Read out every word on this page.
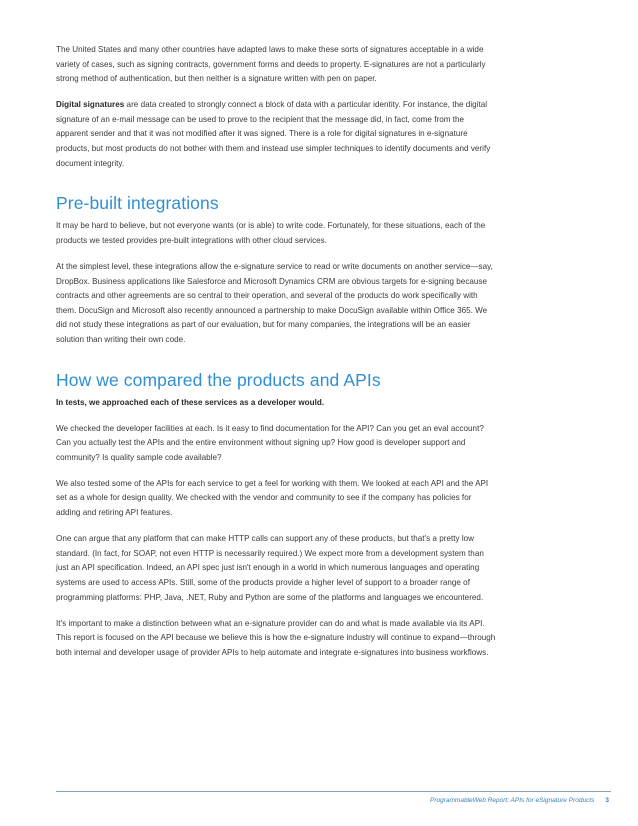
The United States and many other countries have adapted laws to make these sorts of signatures acceptable in a wide variety of cases, such as signing contracts, government forms and deeds to property. E-signatures are not a particularly strong method of authentication, but then neither is a signature written with pen on paper.

Digital signatures are data created to strongly connect a block of data with a particular identity. For instance, the digital signature of an e-mail message can be used to prove to the recipient that the message did, in fact, come from the apparent sender and that it was not modified after it was signed. There is a role for digital signatures in e-signature products, but most products do not bother with them and instead use simpler techniques to identify documents and verify document integrity.

Pre-built integrations

It may be hard to believe, but not everyone wants (or is able) to write code. Fortunately, for these situations, each of the products we tested provides pre-built integrations with other cloud services.

At the simplest level, these integrations allow the e-signature service to read or write documents on another service—say, DropBox. Business applications like Salesforce and Microsoft Dynamics CRM are obvious targets for e-signing because contracts and other agreements are so central to their operation, and several of the products do work specifically with them. DocuSign and Microsoft also recently announced a partnership to make DocuSign available within Office 365. We did not study these integrations as part of our evaluation, but for many companies, the integrations will be an easier solution than writing their own code.

How we compared the products and APIs

In tests, we approached each of these services as a developer would.

We checked the developer facilities at each. Is it easy to find documentation for the API? Can you get an eval account? Can you actually test the APIs and the entire environment without signing up? How good is developer support and community? Is quality sample code available?

We also tested some of the APIs for each service to get a feel for working with them. We looked at each API and the API set as a whole for design quality. We checked with the vendor and community to see if the company has policies for adding and retiring API features.

One can argue that any platform that can make HTTP calls can support any of these products, but that's a pretty low standard. (In fact, for SOAP, not even HTTP is necessarily required.) We expect more from a development system than just an API specification. Indeed, an API spec just isn't enough in a world in which numerous languages and operating systems are used to access APIs. Still, some of the products provide a higher level of support to a broader range of programming platforms: PHP, Java, .NET, Ruby and Python are some of the platforms and languages we encountered.

It's important to make a distinction between what an e-signature provider can do and what is made available via its API. This report is focused on the API because we believe this is how the e-signature industry will continue to expand—through both internal and developer usage of provider APIs to help automate and integrate e-signatures into business workflows.

ProgrammableWeb Report: APIs for eSignature Products 3
